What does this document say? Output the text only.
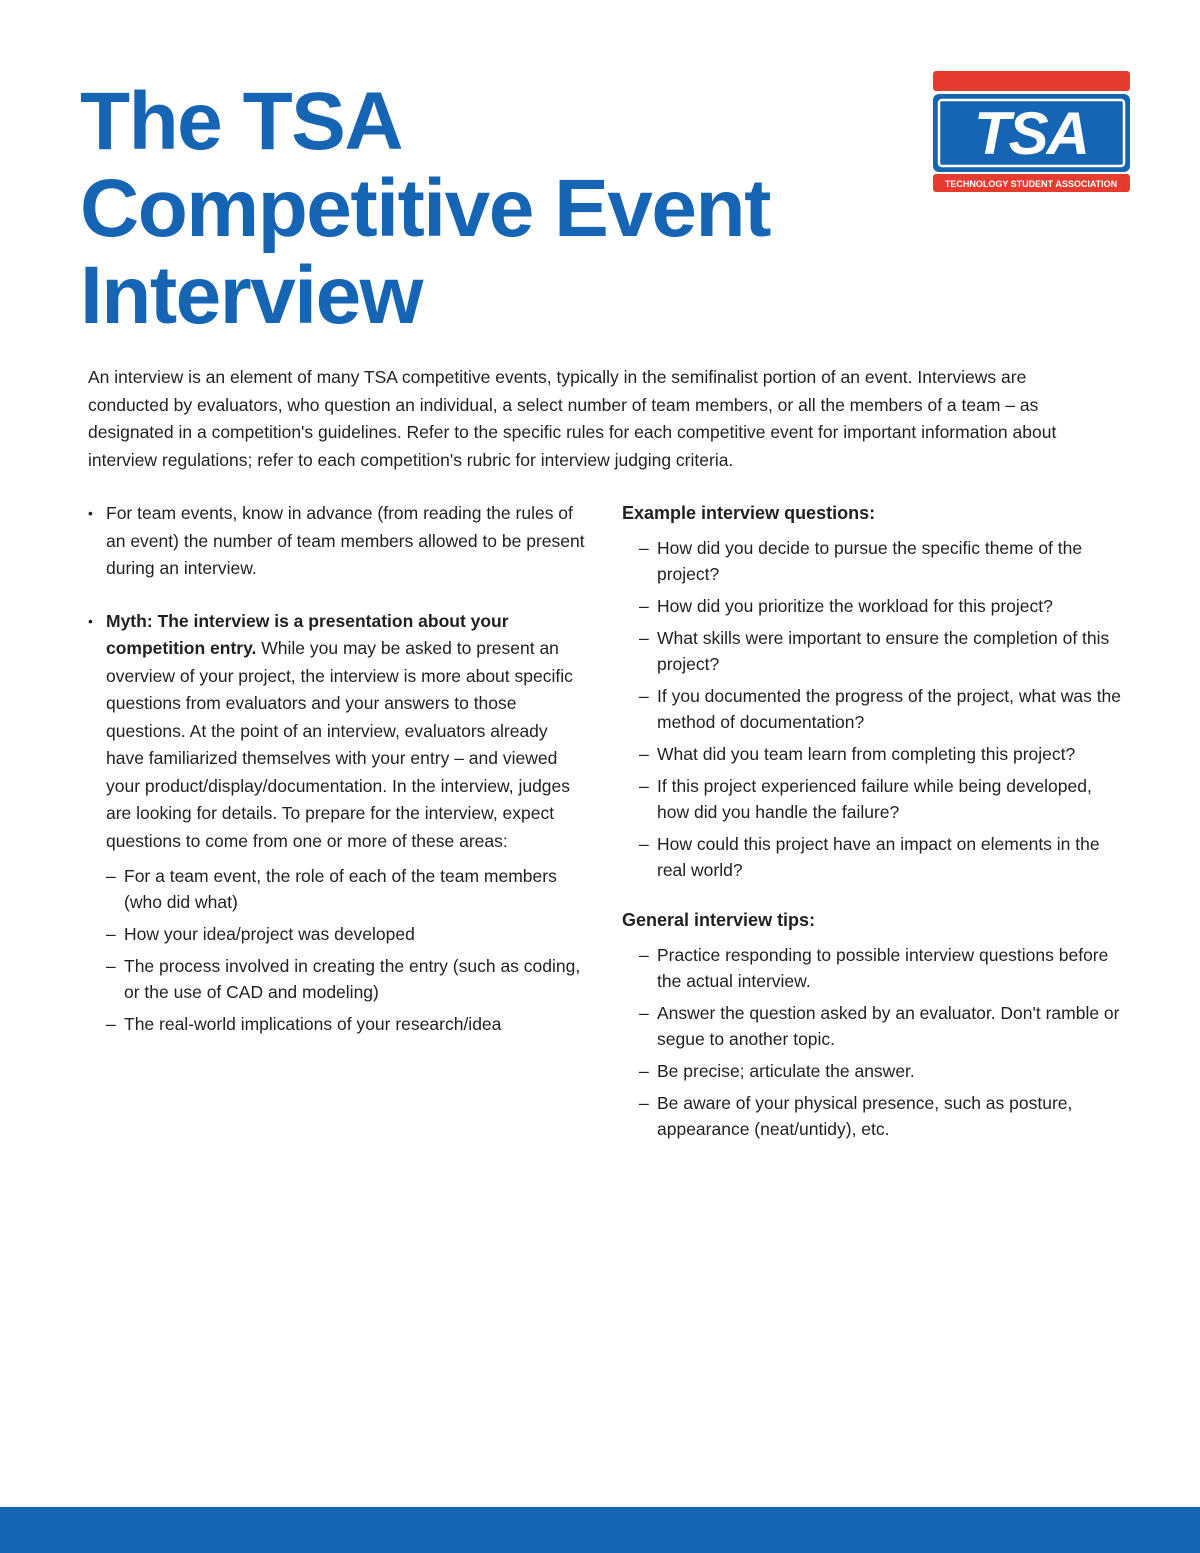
The TSA
Competitive Event
Interview
TSA
TECHNOLOGY STUDENT ASSOCIATION

An interview is an element of many TSA competitive events, typically in the semifinalist portion of an event. Interviews are conducted by evaluators, who question an individual, a select number of team members, or all the members of a team – as designated in a competition's guidelines. Refer to the specific rules for each competitive event for important information about interview regulations; refer to each competition's rubric for interview judging criteria.

• For team events, know in advance (from reading the rules of an event) the number of team members allowed to be present during an interview.

• Myth: The interview is a presentation about your competition entry. While you may be asked to present an overview of your project, the interview is more about specific questions from evaluators and your answers to those questions. At the point of an interview, evaluators already have familiarized themselves with your entry – and viewed your product/display/documentation. In the interview, judges are looking for details. To prepare for the interview, expect questions to come from one or more of these areas:
– For a team event, the role of each of the team members (who did what)
– How your idea/project was developed
– The process involved in creating the entry (such as coding, or the use of CAD and modeling)
– The real-world implications of your research/idea
Example interview questions:
– How did you decide to pursue the specific theme of the project?
– How did you prioritize the workload for this project?
– What skills were important to ensure the completion of this project?
– If you documented the progress of the project, what was the method of documentation?
– What did you team learn from completing this project?
– If this project experienced failure while being developed, how did you handle the failure?
– How could this project have an impact on elements in the real world?
General interview tips:
– Practice responding to possible interview questions before the actual interview.
– Answer the question asked by an evaluator. Don't ramble or segue to another topic.
– Be precise; articulate the answer.
– Be aware of your physical presence, such as posture, appearance (neat/untidy), etc.
